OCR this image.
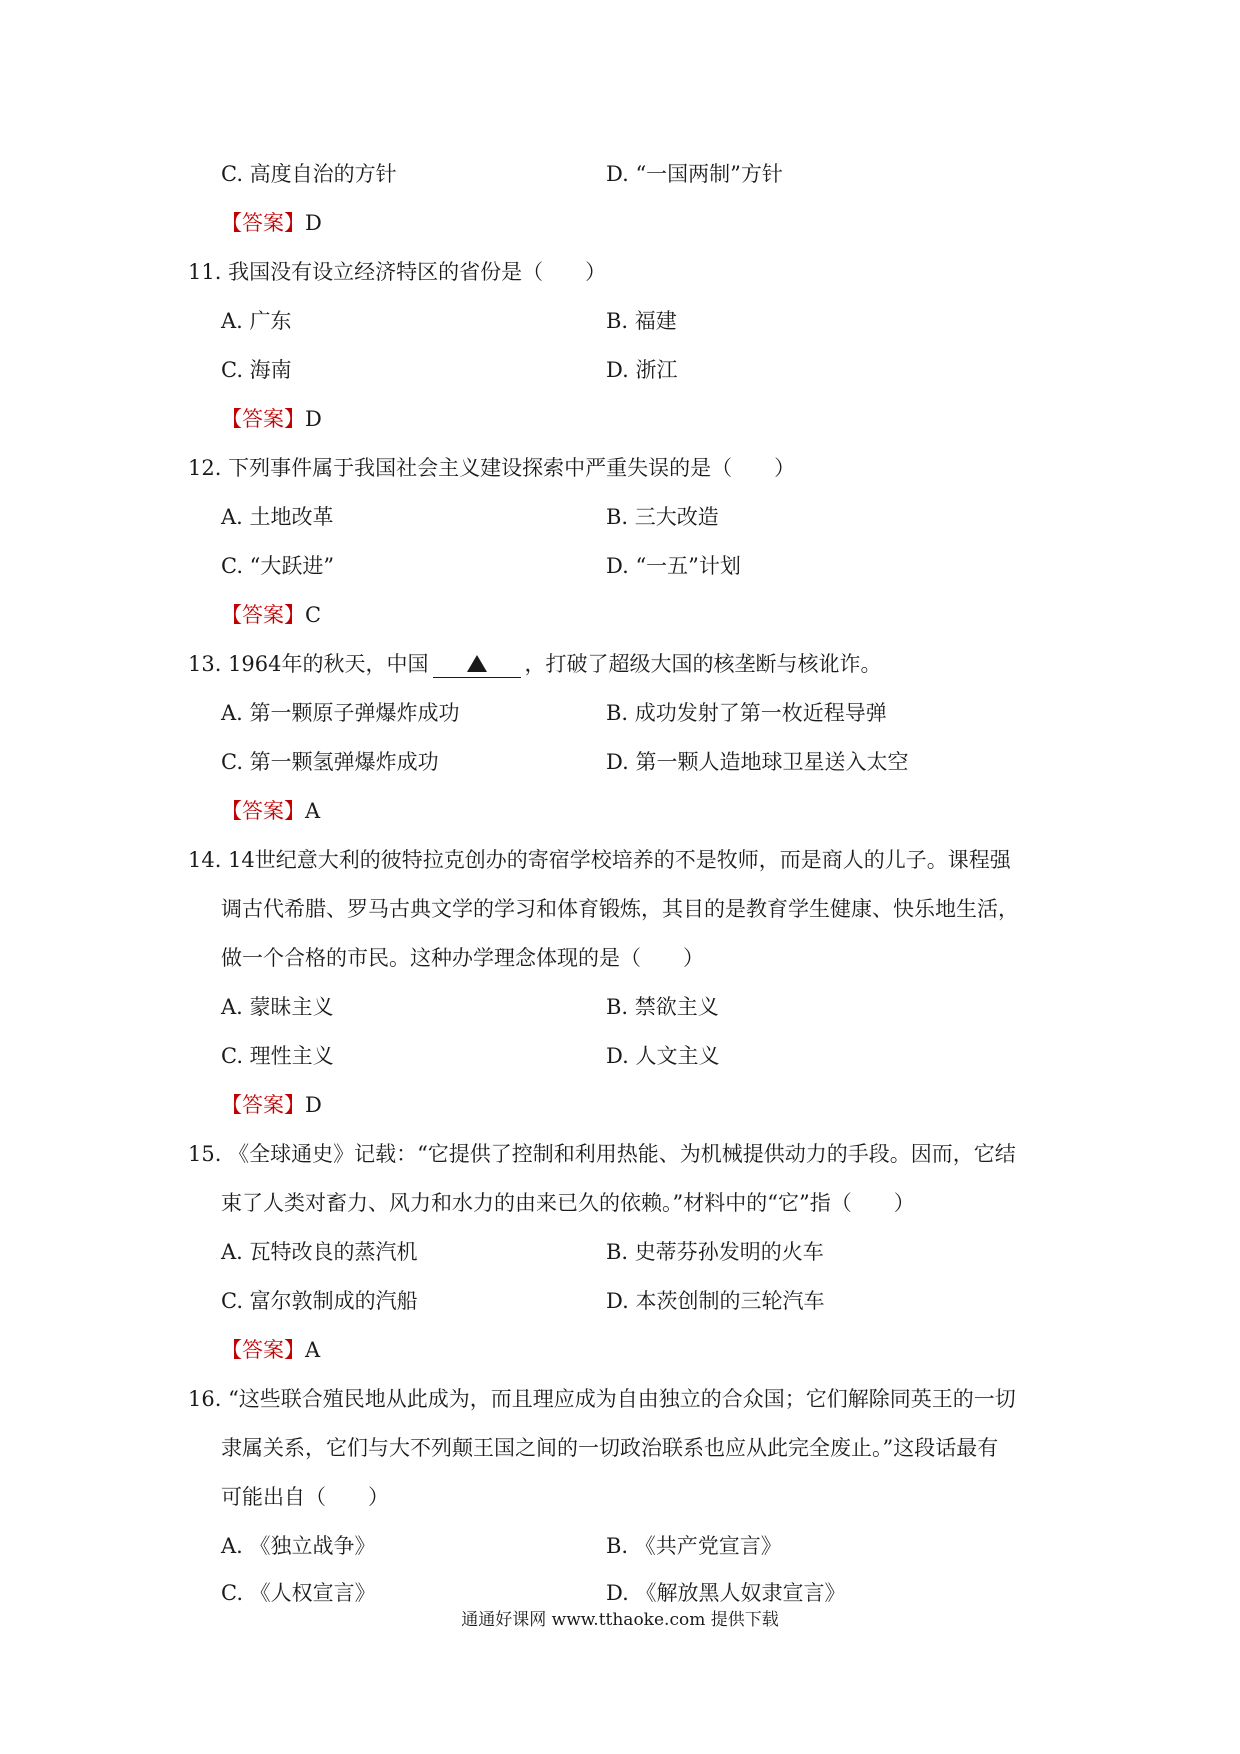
C. 高度自治的方针	D. “一国两制”方针
【答案】D
11. 我国没有设立经济特区的省份是（　　）
A. 广东	B. 福建
C. 海南	D. 浙江
【答案】D
12. 下列事件属于我国社会主义建设探索中严重失误的是（　　）
A. 土地改革	B. 三大改造
C. “大跃进”	D. “一五”计划
【答案】C
13. 1964年的秋天，中国	，打破了超级大国的核垄断与核讹诈。
A. 第一颗原子弹爆炸成功	B. 成功发射了第一枚近程导弹
C. 第一颗氢弹爆炸成功	D. 第一颗人造地球卫星送入太空
【答案】A
14. 14世纪意大利的彼特拉克创办的寄宿学校培养的不是牧师，而是商人的儿子。课程强
调古代希腊、罗马古典文学的学习和体育锻炼，其目的是教育学生健康、快乐地生活，
做一个合格的市民。这种办学理念体现的是（　　）
A. 蒙昧主义	B. 禁欲主义
C. 理性主义	D. 人文主义
【答案】D
15. 《全球通史》记载：“它提供了控制和利用热能、为机械提供动力的手段。因而，它结
束了人类对畜力、风力和水力的由来已久的依赖。”材料中的“它”指（　　）
A. 瓦特改良的蒸汽机	B. 史蒂芬孙发明的火车
C. 富尔敦制成的汽船	D. 本茨创制的三轮汽车
【答案】A
16. “这些联合殖民地从此成为，而且理应成为自由独立的合众国；它们解除同英王的一切
隶属关系，它们与大不列颠王国之间的一切政治联系也应从此完全废止。”这段话最有
可能出自（　　）
A. 《独立战争》	B. 《共产党宣言》
C. 《人权宣言》	D. 《解放黑人奴隶宣言》
通通好课网 www.tthaoke.com 提供下载
